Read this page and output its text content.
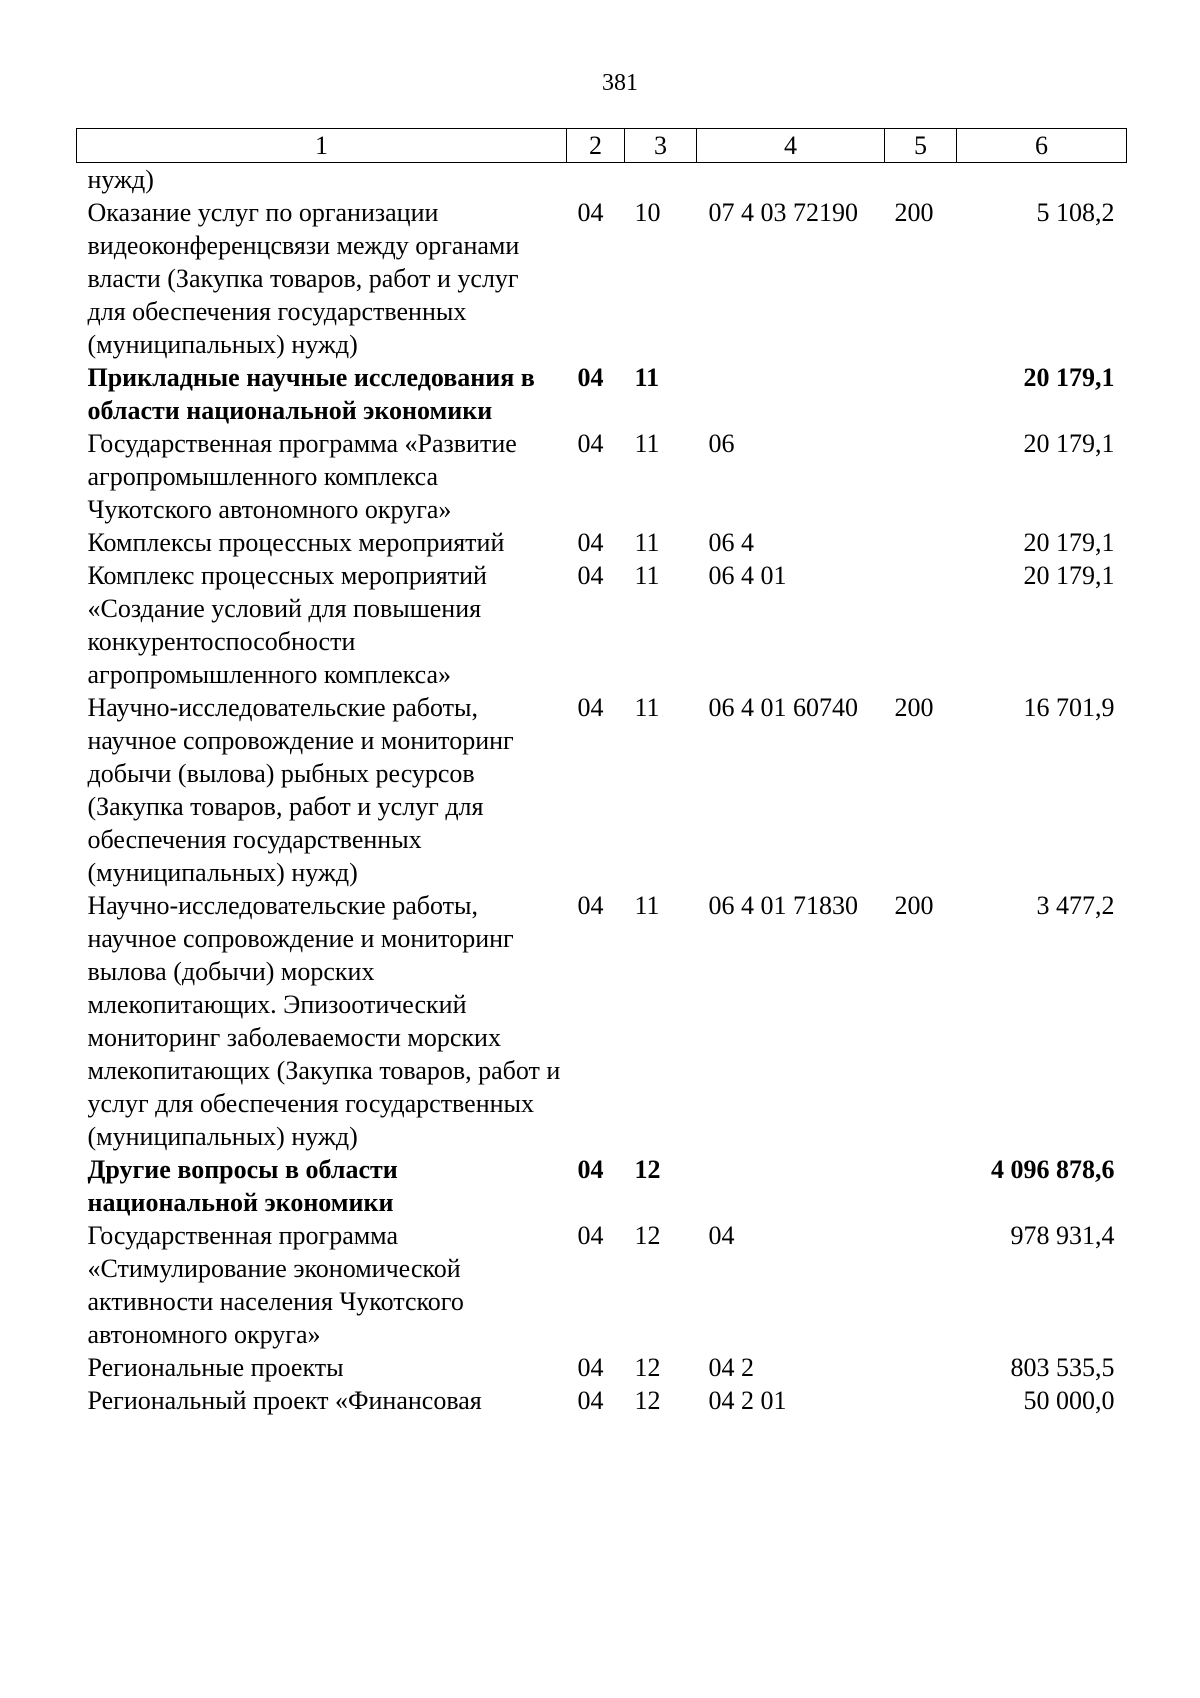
381
1	2	3	4	5	6
нужд)					
Оказание услуг по организации видеоконференцсвязи между органами власти (Закупка товаров, работ и услуг для обеспечения государственных (муниципальных) нужд)	04	10	07 4 03 72190	200	5 108,2
Прикладные научные исследования в области национальной экономики	04	11			20 179,1
Государственная программа «Развитие агропромышленного комплекса Чукотского автономного округа»	04	11	06		20 179,1
Комплексы процессных мероприятий	04	11	06 4		20 179,1
Комплекс процессных мероприятий «Создание условий для повышения конкурентоспособности агропромышленного комплекса»	04	11	06 4 01		20 179,1
Научно-исследовательские работы, научное сопровождение и мониторинг добычи (вылова) рыбных ресурсов (Закупка товаров, работ и услуг для обеспечения государственных (муниципальных) нужд)	04	11	06 4 01 60740	200	16 701,9
Научно-исследовательские работы, научное сопровождение и мониторинг вылова (добычи) морских млекопитающих. Эпизоотический мониторинг заболеваемости морских млекопитающих (Закупка товаров, работ и услуг для обеспечения государственных (муниципальных) нужд)	04	11	06 4 01 71830	200	3 477,2
Другие вопросы в области национальной экономики	04	12			4 096 878,6
Государственная программа «Стимулирование экономической активности населения Чукотского автономного округа»	04	12	04		978 931,4
Региональные проекты	04	12	04 2		803 535,5
Региональный проект «Финансовая	04	12	04 2 01		50 000,0
